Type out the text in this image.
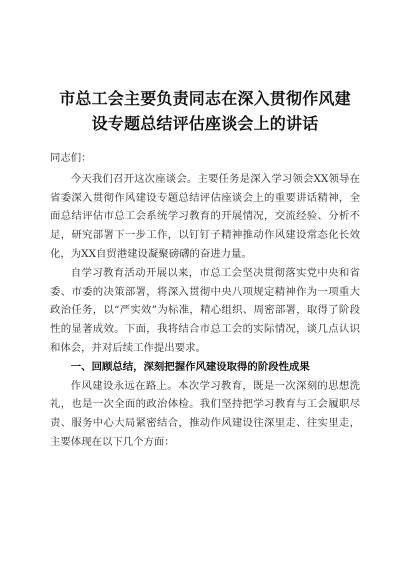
市总工会主要负责同志在深入贯彻作风建设专题总结评估座谈会上的讲话

同志们：

今天我们召开这次座谈会。主要任务是深入学习领会XX领导在省委深入贯彻作风建设专题总结评估座谈会上的重要讲话精神，全面总结评估市总工会系统学习教育的开展情况，交流经验、分析不足，研究部署下一步工作，以钉钉子精神推动作风建设常态化长效化，为XX自贸港建设凝聚磅礴的奋进力量。

自学习教育活动开展以来，市总工会坚决贯彻落实党中央和省委、市委的决策部署，将深入贯彻中央八项规定精神作为一项重大政治任务，以“严实效”为标准，精心组织、周密部署，取得了阶段性的显著成效。下面，我将结合市总工会的实际情况，谈几点认识和体会，并对后续工作提出要求。

一、回顾总结，深刻把握作风建设取得的阶段性成果

作风建设永远在路上。本次学习教育，既是一次深刻的思想洗礼，也是一次全面的政治体检。我们坚持把学习教育与工会履职尽责、服务中心大局紧密结合，推动作风建设往深里走、往实里走，主要体现在以下几个方面：
